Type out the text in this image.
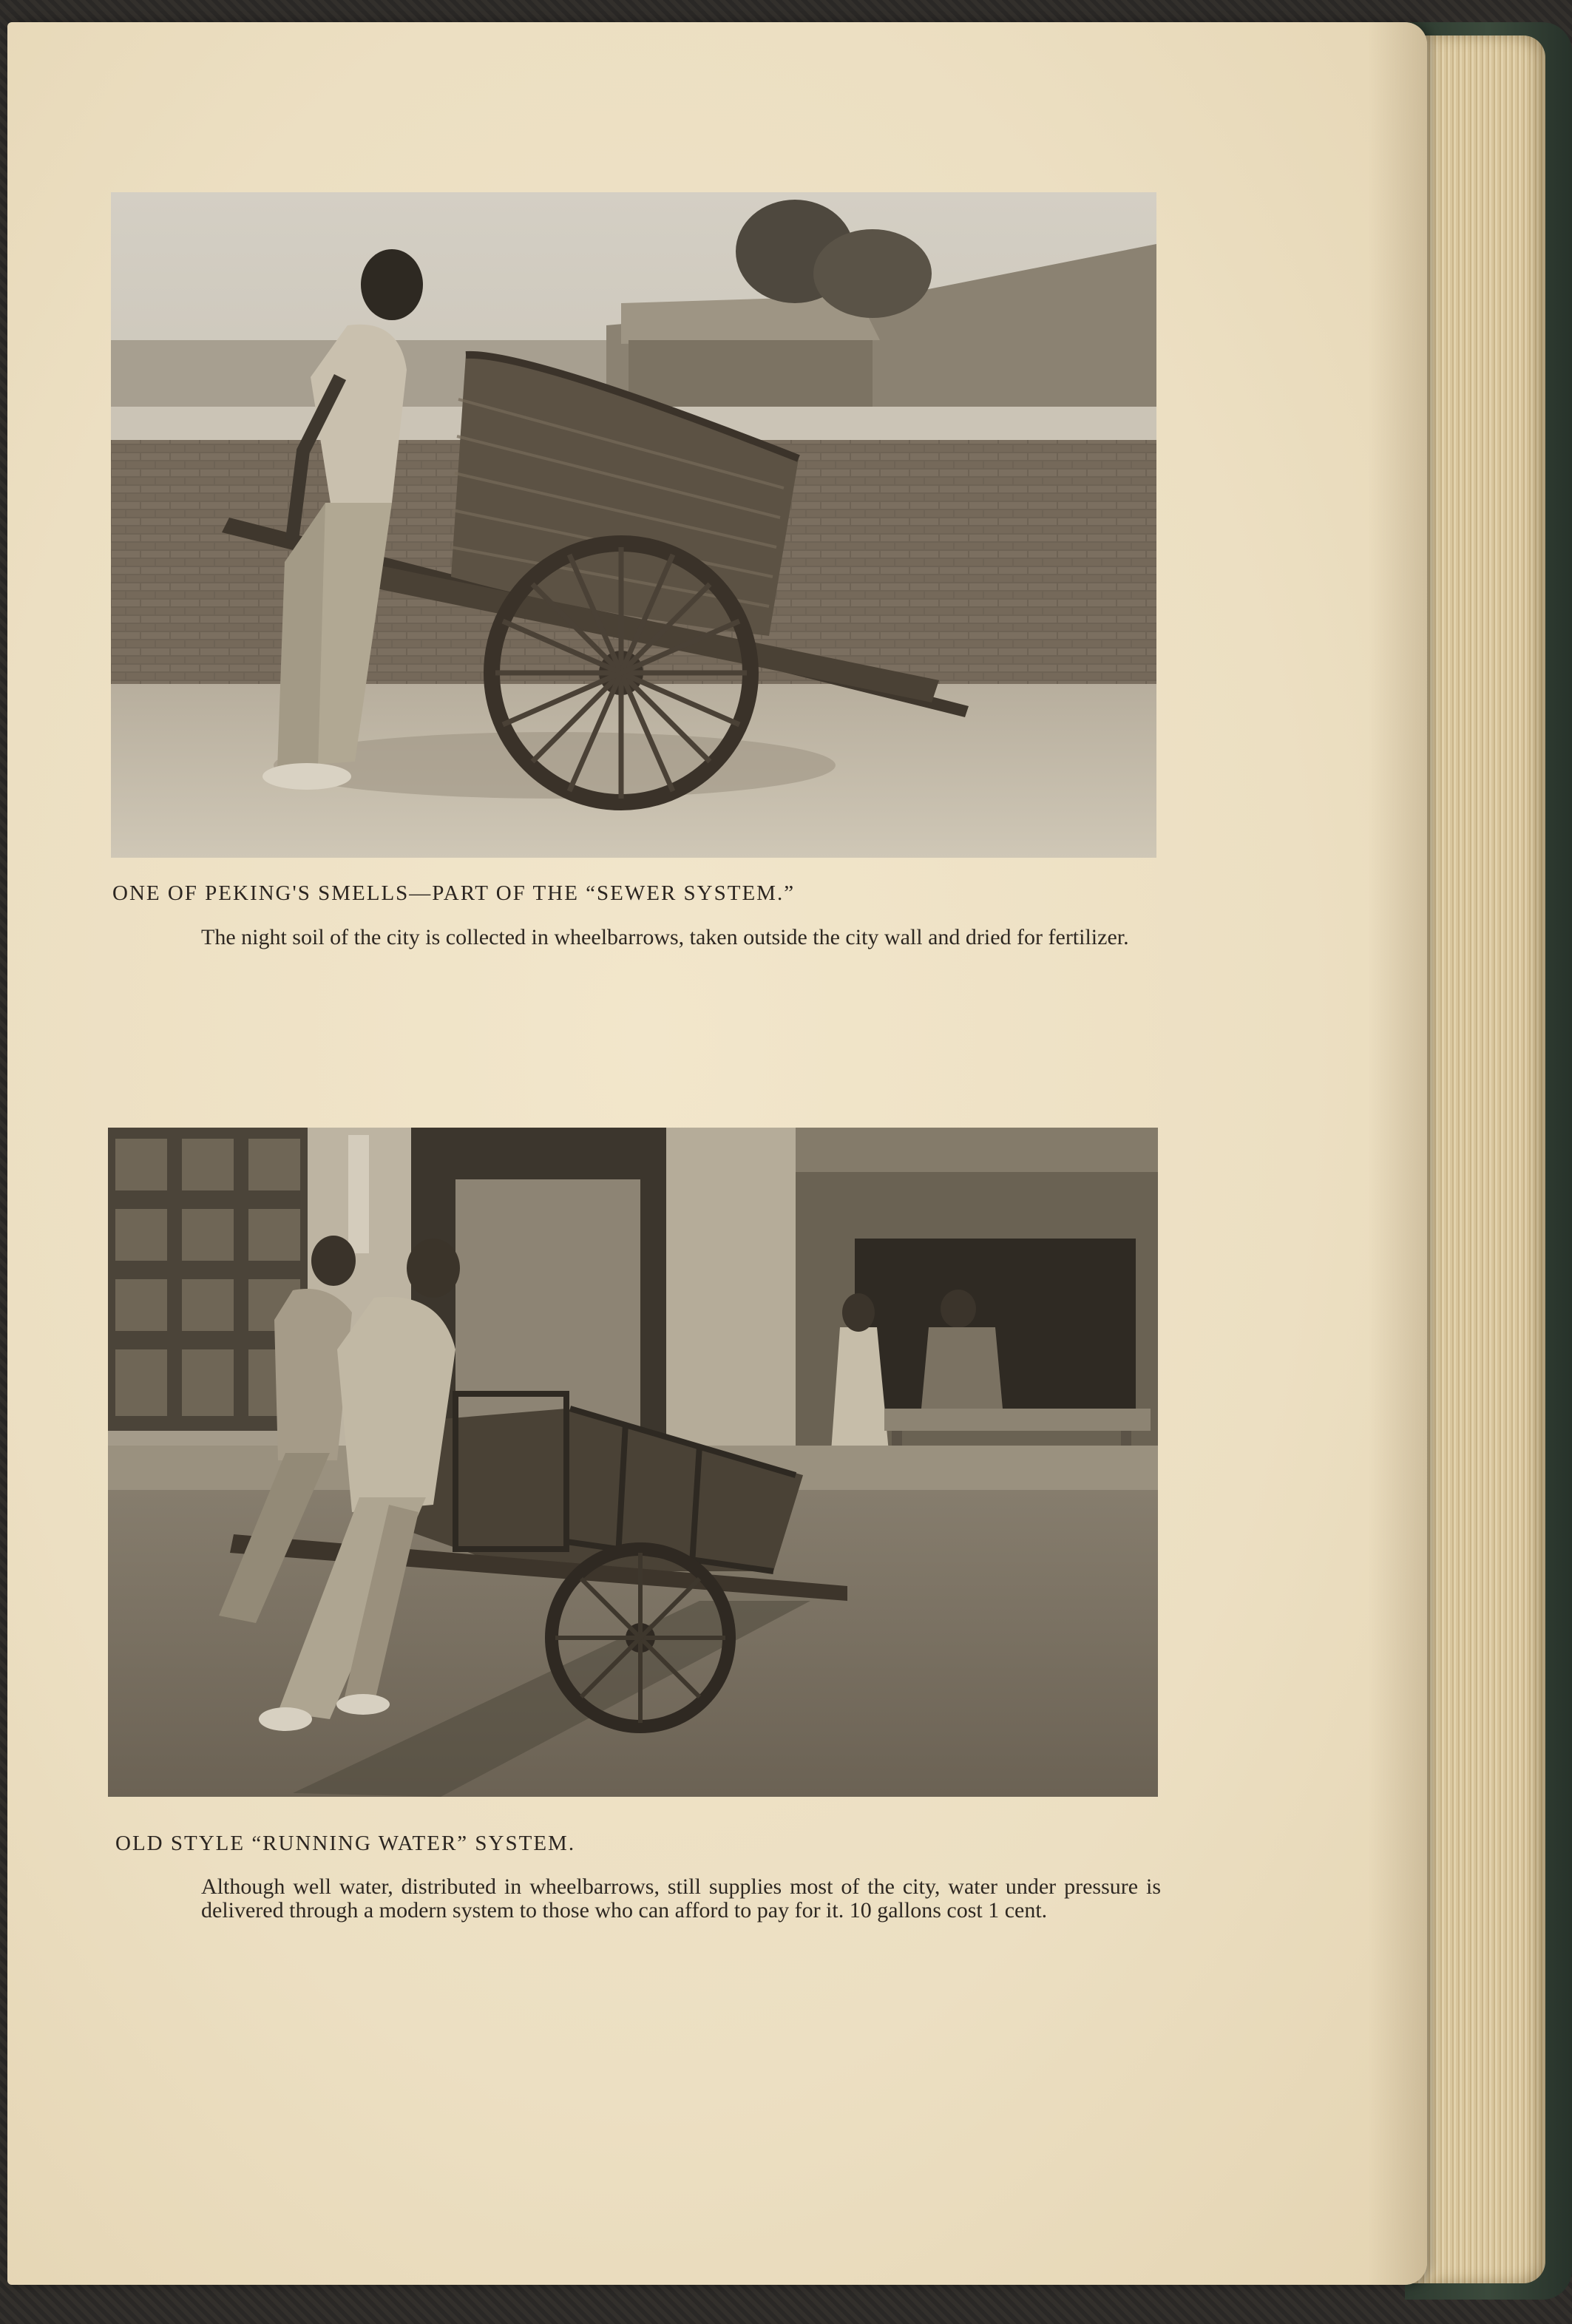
ONE OF PEKING'S SMELLS—PART OF THE “SEWER SYSTEM.”
The night soil of the city is collected in wheelbarrows, taken outside the city wall and dried for fertilizer.
OLD STYLE “RUNNING WATER” SYSTEM.
Although well water, distributed in wheelbarrows, still supplies most of the city, water under pressure is delivered through a modern system to those who can afford to pay for it. 10 gallons cost 1 cent.
